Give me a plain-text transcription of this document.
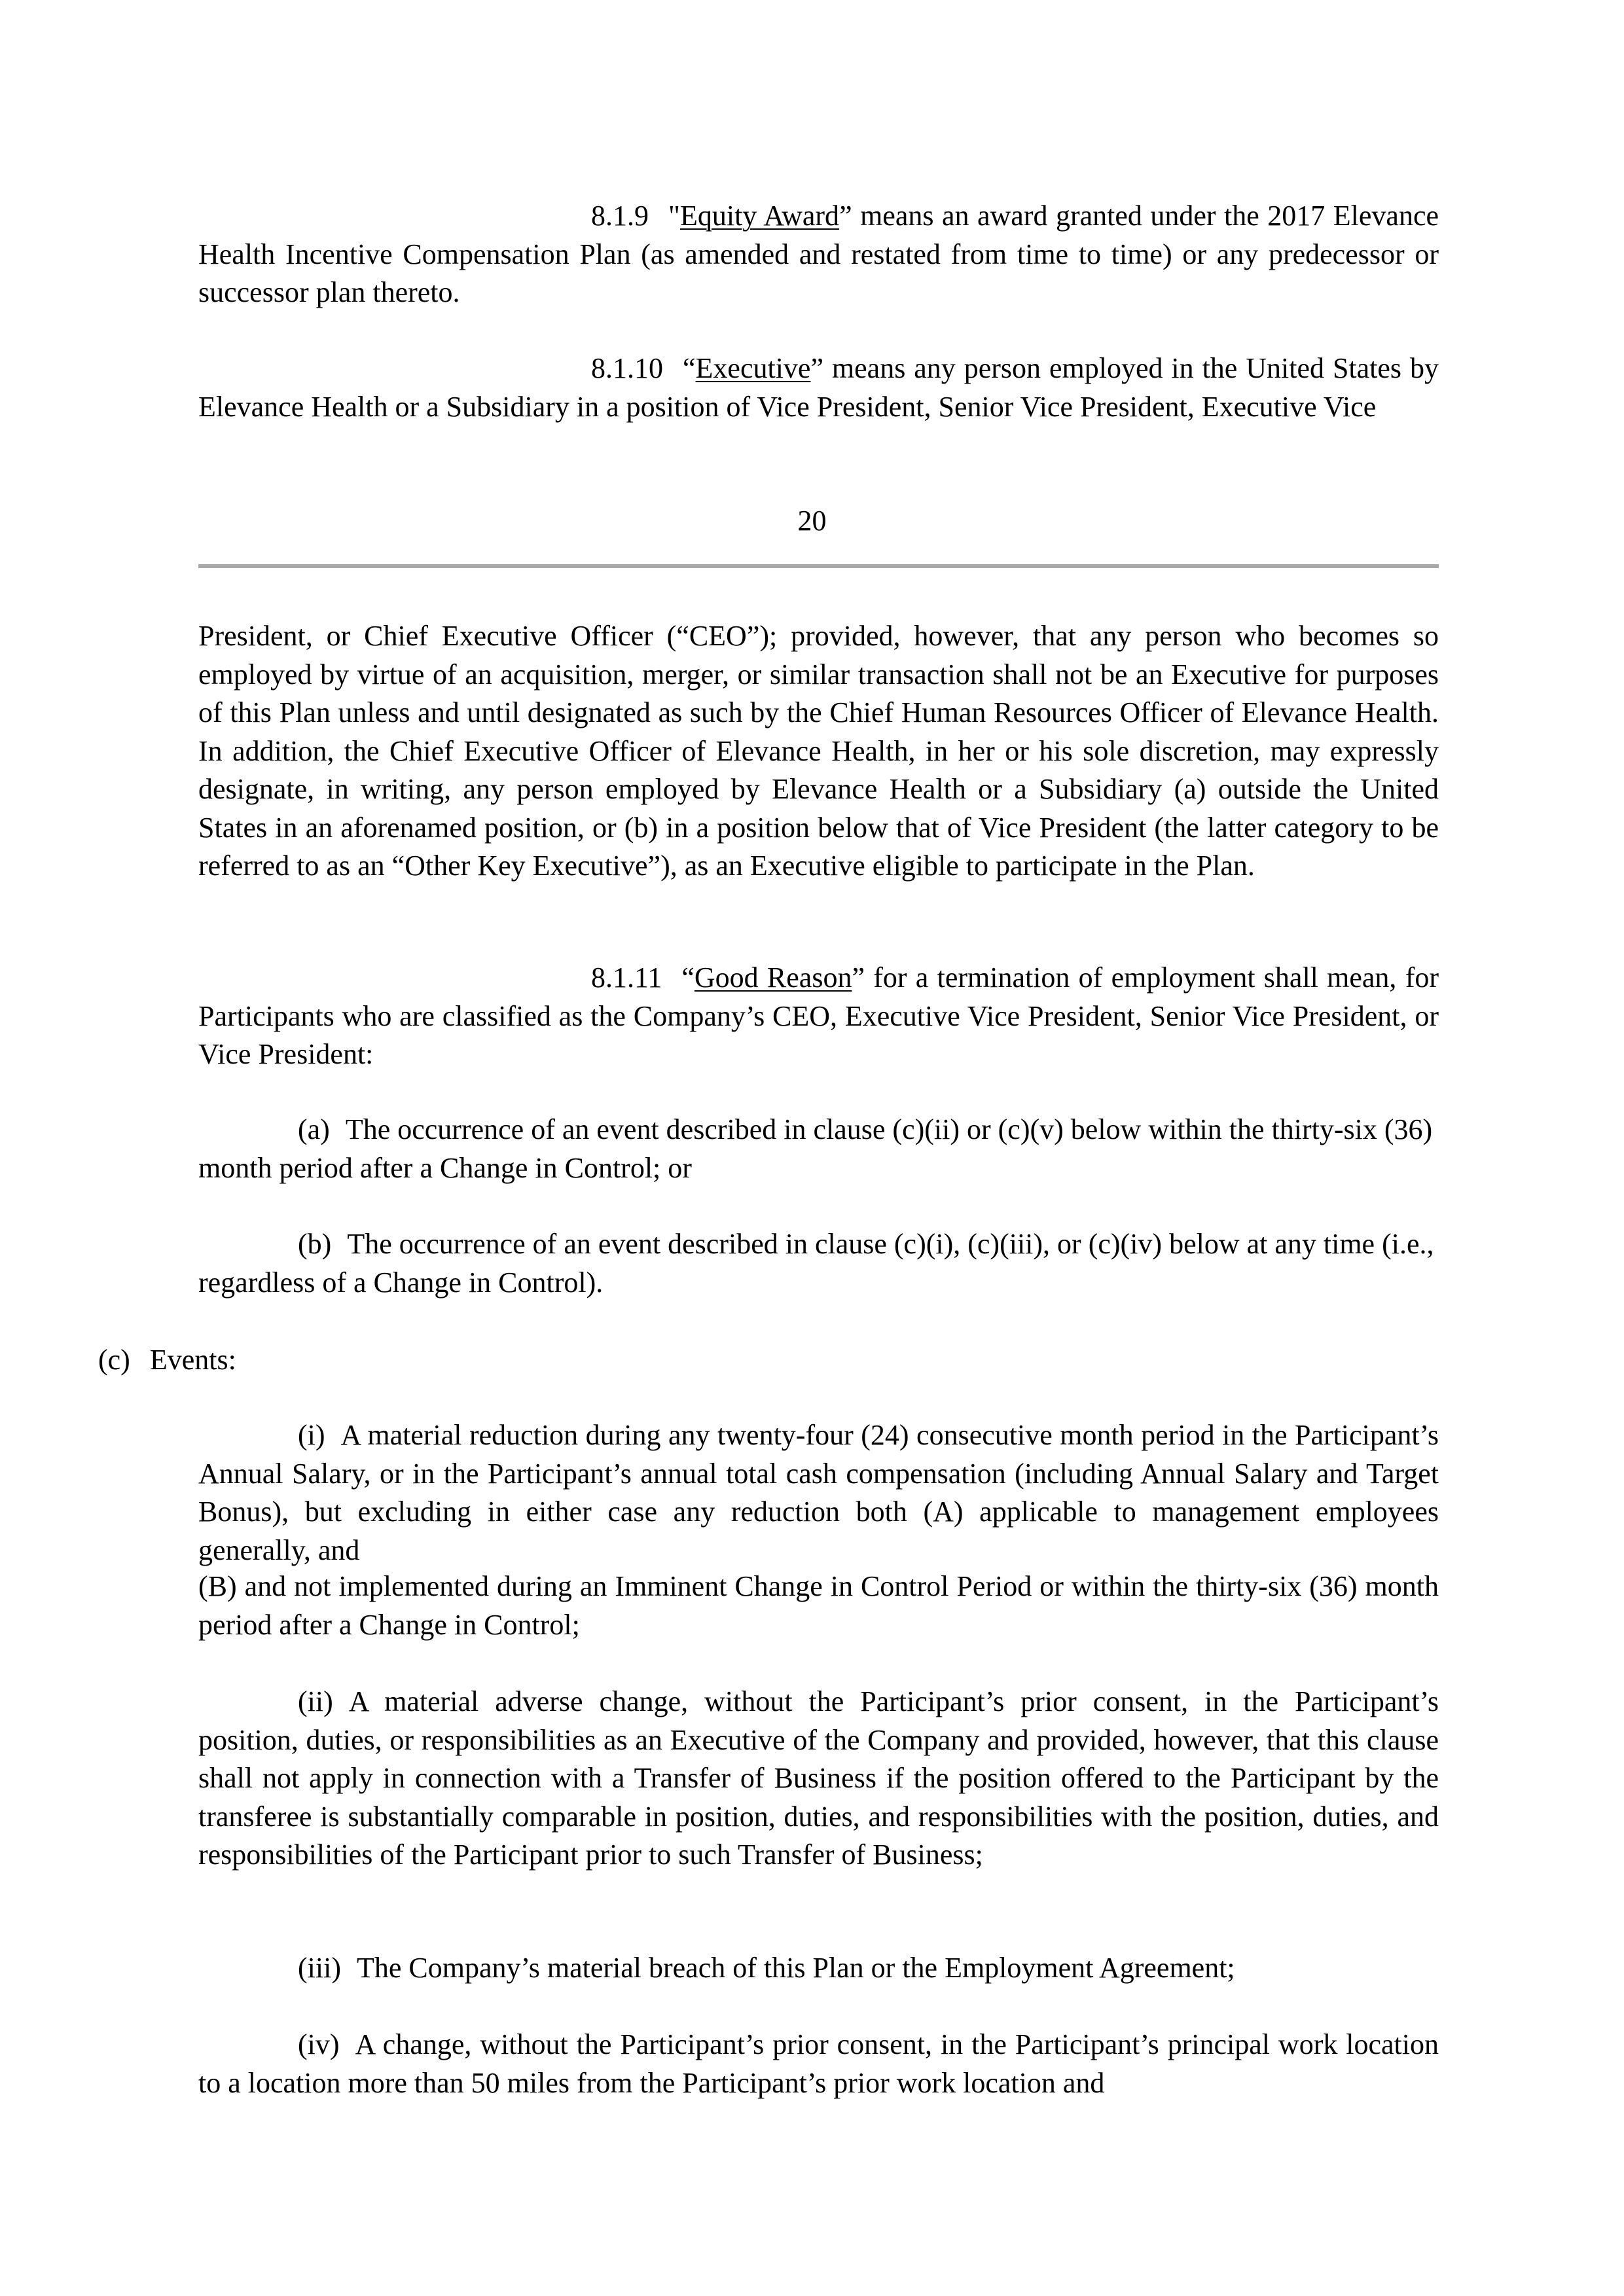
8.1.9 "Equity Award” means an award granted under the 2017 Elevance Health Incentive Compensation Plan (as amended and restated from time to time) or any predecessor or successor plan thereto.

8.1.10 “Executive” means any person employed in the United States by Elevance Health or a Subsidiary in a position of Vice President, Senior Vice President, Executive Vice

20

President, or Chief Executive Officer (“CEO”); provided, however, that any person who becomes so employed by virtue of an acquisition, merger, or similar transaction shall not be an Executive for purposes of this Plan unless and until designated as such by the Chief Human Resources Officer of Elevance Health. In addition, the Chief Executive Officer of Elevance Health, in her or his sole discretion, may expressly designate, in writing, any person employed by Elevance Health or a Subsidiary (a) outside the United States in an aforenamed position, or (b) in a position below that of Vice President (the latter category to be referred to as an “Other Key Executive”), as an Executive eligible to participate in the Plan.

8.1.11 “Good Reason” for a termination of employment shall mean, for Participants who are classified as the Company’s CEO, Executive Vice President, Senior Vice President, or Vice President:

(a) The occurrence of an event described in clause (c)(ii) or (c)(v) below within the thirty-six (36) month period after a Change in Control; or

(b) The occurrence of an event described in clause (c)(i), (c)(iii), or (c)(iv) below at any time (i.e., regardless of a Change in Control).

(c) Events:

(i) A material reduction during any twenty-four (24) consecutive month period in the Participant’s Annual Salary, or in the Participant’s annual total cash compensation (including Annual Salary and Target Bonus), but excluding in either case any reduction both (A) applicable to management employees generally, and

(B) and not implemented during an Imminent Change in Control Period or within the thirty-six (36) month period after a Change in Control;

(ii) A material adverse change, without the Participant’s prior consent, in the Participant’s position, duties, or responsibilities as an Executive of the Company and provided, however, that this clause shall not apply in connection with a Transfer of Business if the position offered to the Participant by the transferee is substantially comparable in position, duties, and responsibilities with the position, duties, and responsibilities of the Participant prior to such Transfer of Business;

(iii) The Company’s material breach of this Plan or the Employment Agreement;

(iv) A change, without the Participant’s prior consent, in the Participant’s principal work location to a location more than 50 miles from the Participant’s prior work location and
